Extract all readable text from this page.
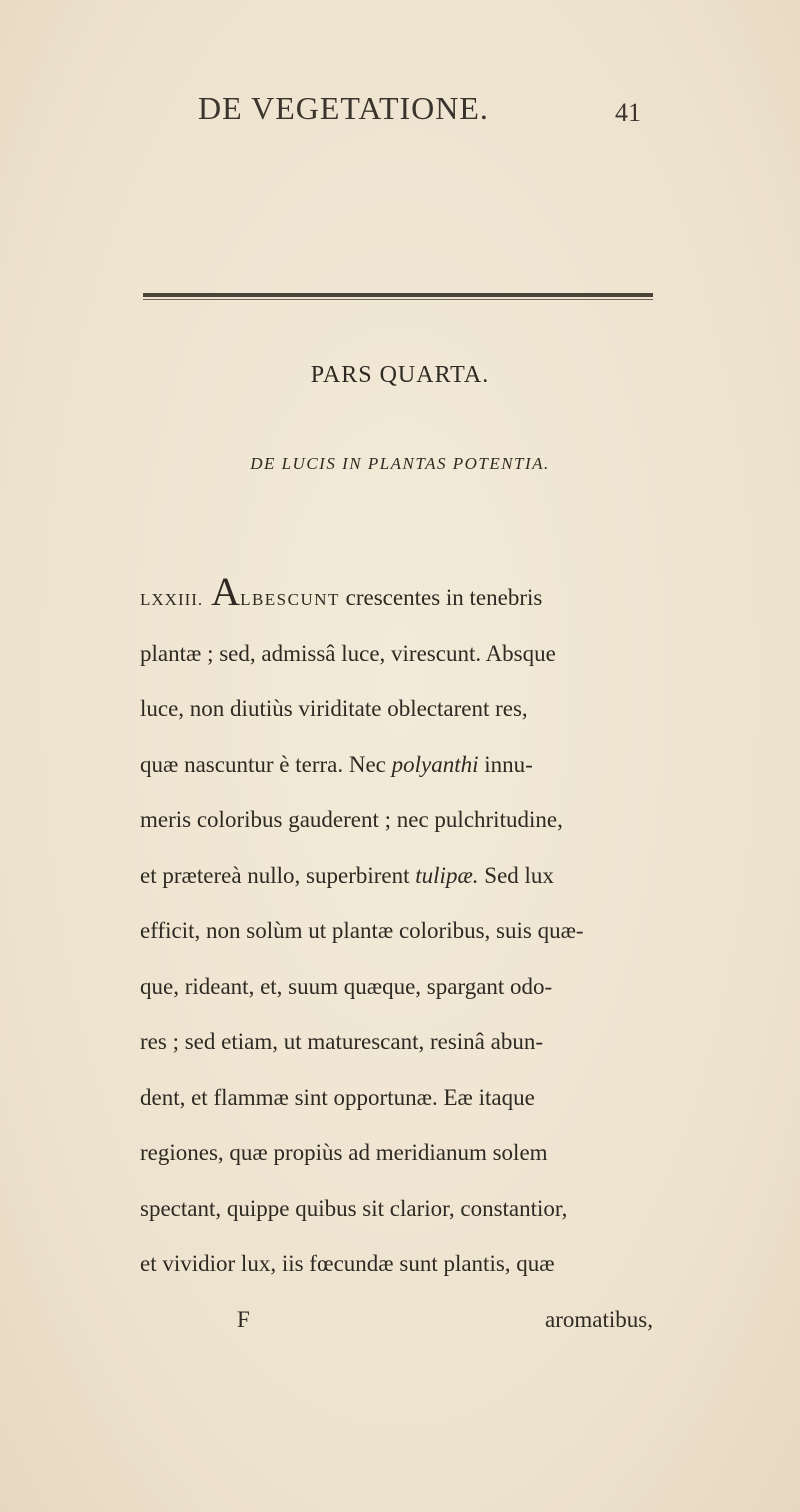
DE VEGETATIONE.	41
PARS QUARTA.
DE LUCIS IN PLANTAS POTENTIA.
LXXIII. ALBESCUNT crescentes in tenebris
plantæ ; sed, admissâ luce, virescunt. Absque
luce, non diutiùs viriditate oblectarent res,
quæ nascuntur è terra. Nec polyanthi innu-
meris coloribus gauderent ; nec pulchritudine,
et prætereà nullo, superbirent tulipæ. Sed lux
efficit, non solùm ut plantæ coloribus, suis quæ-
que, rideant, et, suum quæque, spargant odo-
res ; sed etiam, ut maturescant, resinâ abun-
dent, et flammæ sint opportunæ. Eæ itaque
regiones, quæ propiùs ad meridianum solem
spectant, quippe quibus sit clarior, constantior,
et vividior lux, iis fœcundæ sunt plantis, quæ
F	aromatibus,
